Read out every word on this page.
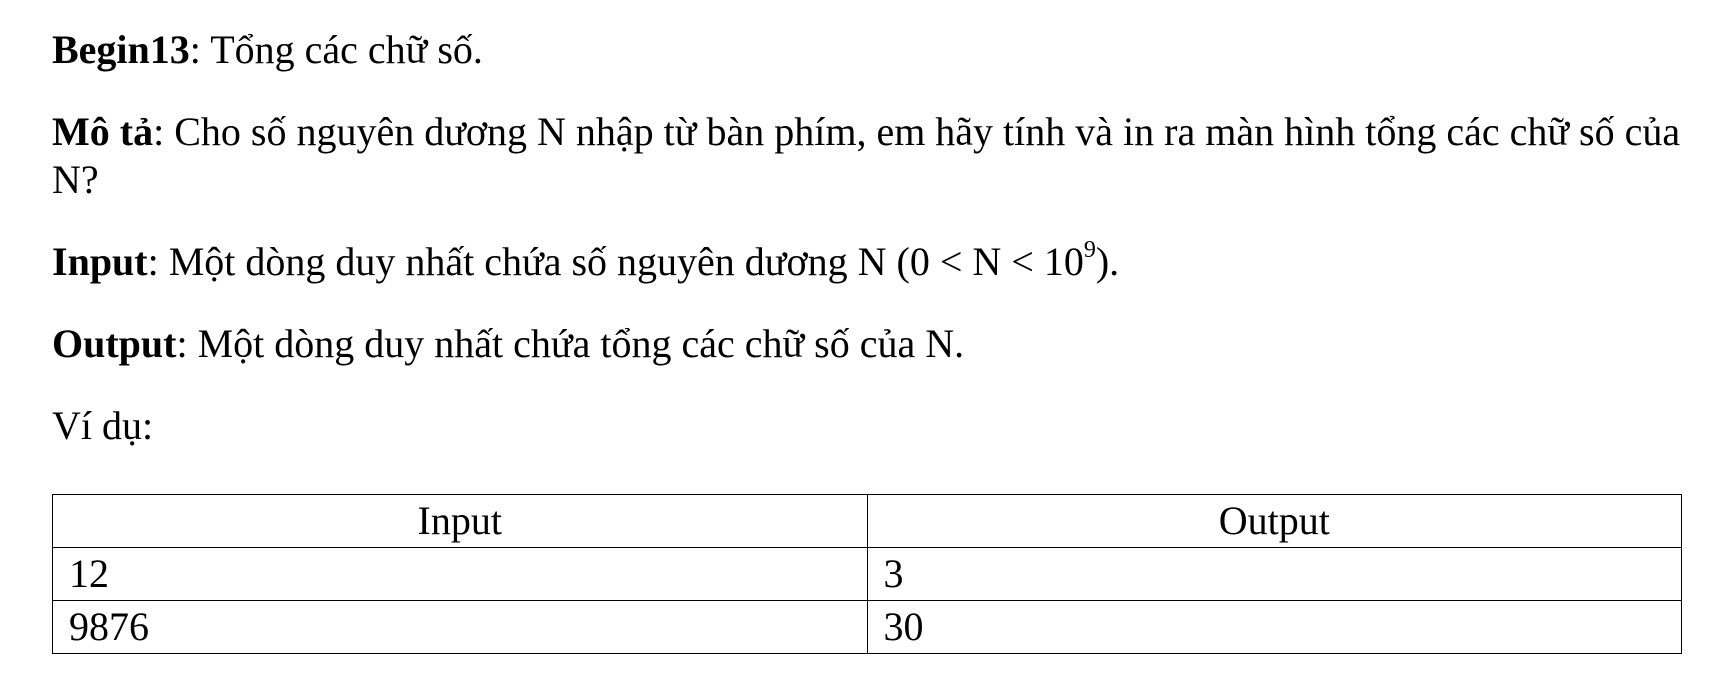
Begin13: Tổng các chữ số.

Mô tả: Cho số nguyên dương N nhập từ bàn phím, em hãy tính và in ra màn hình tổng các chữ số của N?

Input: Một dòng duy nhất chứa số nguyên dương N $(0 < N < 10^9)$.

Output: Một dòng duy nhất chứa tổng các chữ số của N.

Ví dụ:

Input	Output
12	3
9876	30
